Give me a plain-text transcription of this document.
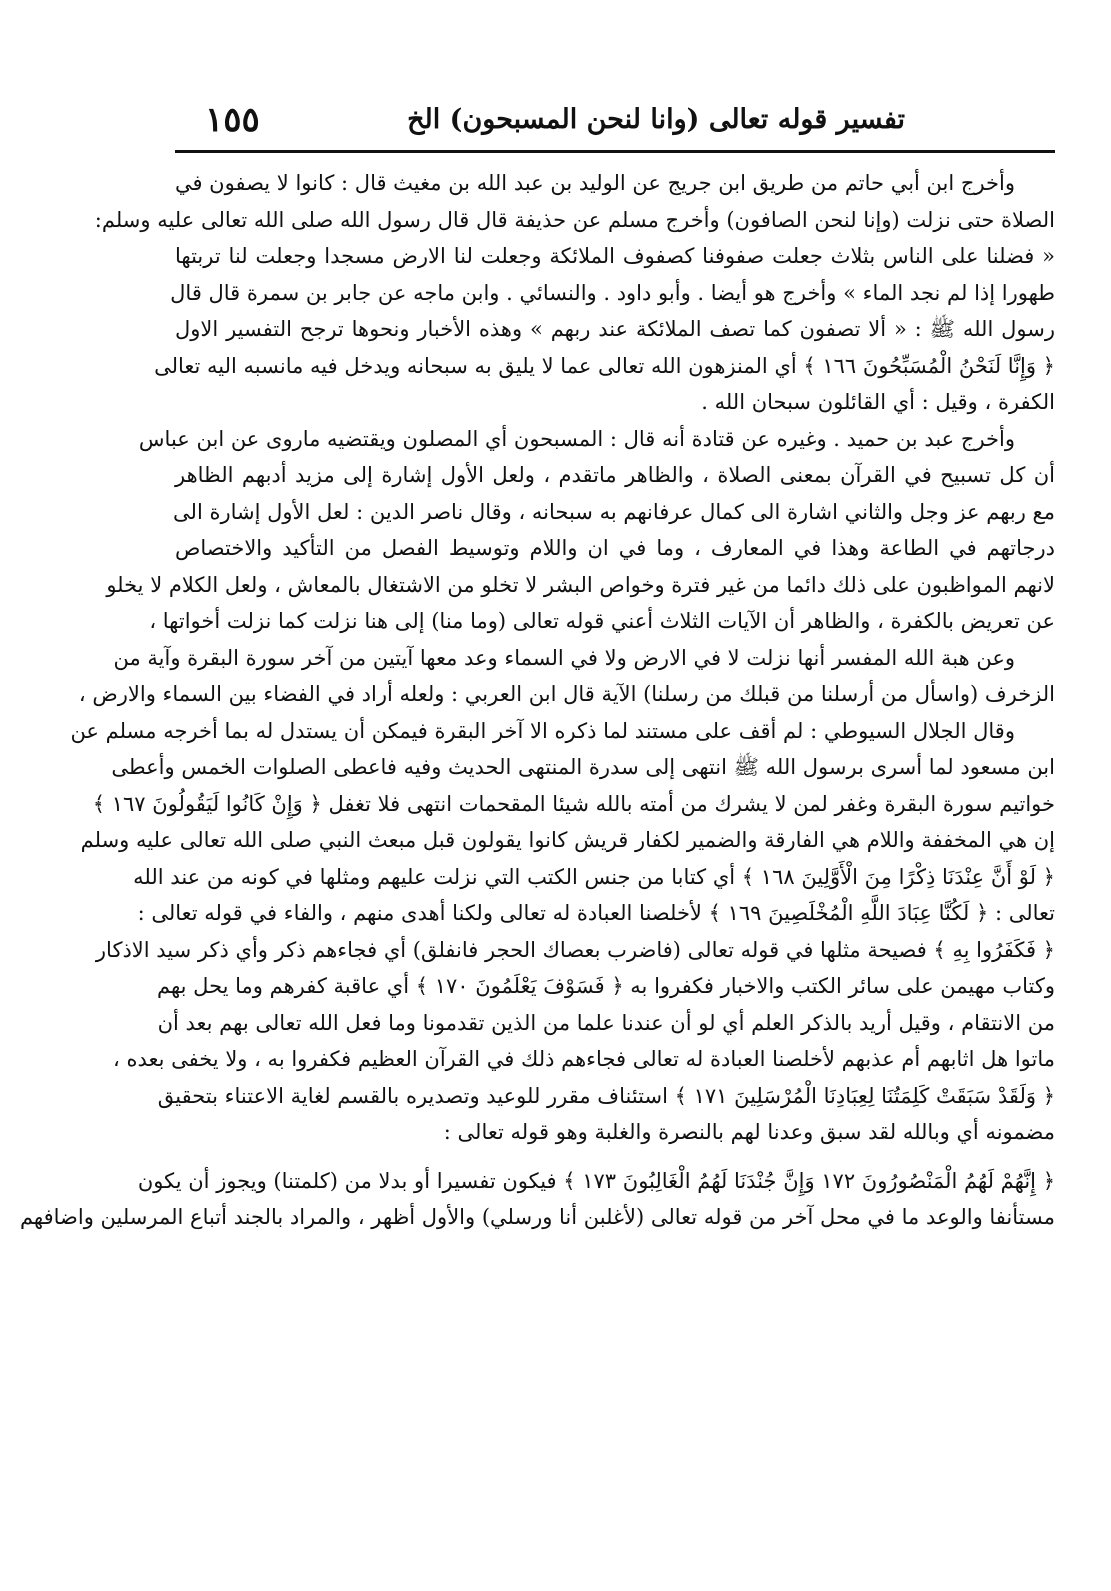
تفسير قوله تعالى (وانا لنحن المسبحون) الخ
١٥٥
وأخرج ابن أبي حاتم من طريق ابن جريج عن الوليد بن عبد الله بن مغيث قال : كانوا لا يصفون في
الصلاة حتى نزلت (وإنا لنحن الصافون) وأخرج مسلم عن حذيفة قال قال رسول الله صلى الله تعالى عليه وسلم:
« فضلنا على الناس بثلاث جعلت صفوفنا كصفوف الملائكة وجعلت لنا الارض مسجدا وجعلت لنا تربتها
طهورا إذا لم نجد الماء » وأخرج هو أيضا . وأبو داود . والنسائي . وابن ماجه عن جابر بن سمرة قال قال
رسول الله ﷺ : « ألا تصفون كما تصف الملائكة عند ربهم » وهذه الأخبار ونحوها ترجح التفسير الاول
﴿ وَإِنَّا لَنَحْنُ الْمُسَبِّحُونَ ١٦٦ ﴾ أي المنزهون الله تعالى عما لا يليق به سبحانه ويدخل فيه مانسبه اليه تعالى
الكفرة ، وقيل : أي القائلون سبحان الله .
وأخرج عبد بن حميد . وغيره عن قتادة أنه قال : المسبحون أي المصلون ويقتضيه ماروى عن ابن عباس
أن كل تسبيح في القرآن بمعنى الصلاة ، والظاهر ماتقدم ، ولعل الأول إشارة إلى مزيد أدبهم الظاهر
مع ربهم عز وجل والثاني اشارة الى كمال عرفانهم به سبحانه ، وقال ناصر الدين : لعل الأول إشارة الى
درجاتهم في الطاعة وهذا في المعارف ، وما في ان واللام وتوسيط الفصل من التأكيد والاختصاص
لانهم المواظبون على ذلك دائما من غير فترة وخواص البشر لا تخلو من الاشتغال بالمعاش ، ولعل الكلام لا يخلو
عن تعريض بالكفرة ، والظاهر أن الآيات الثلاث أعني قوله تعالى (وما منا) إلى هنا نزلت كما نزلت أخواتها ،
وعن هبة الله المفسر أنها نزلت لا في الارض ولا في السماء وعد معها آيتين من آخر سورة البقرة وآية من
الزخرف (واسأل من أرسلنا من قبلك من رسلنا) الآية قال ابن العربي : ولعله أراد في الفضاء بين السماء والارض ،
وقال الجلال السيوطي : لم أقف على مستند لما ذكره الا آخر البقرة فيمكن أن يستدل له بما أخرجه مسلم عن
ابن مسعود لما أسرى برسول الله ﷺ انتهى إلى سدرة المنتهى الحديث وفيه فاعطى الصلوات الخمس وأعطى
خواتيم سورة البقرة وغفر لمن لا يشرك من أمته بالله شيئا المقحمات انتهى فلا تغفل ﴿ وَإِنْ كَانُوا لَيَقُولُونَ ١٦٧ ﴾
إن هي المخففة واللام هي الفارقة والضمير لكفار قريش كانوا يقولون قبل مبعث النبي صلى الله تعالى عليه وسلم
﴿ لَوْ أَنَّ عِنْدَنَا ذِكْرًا مِنَ الْأَوَّلِينَ ١٦٨ ﴾ أي كتابا من جنس الكتب التي نزلت عليهم ومثلها في كونه من عند الله
تعالى : ﴿ لَكُنَّا عِبَادَ اللَّهِ الْمُخْلَصِينَ ١٦٩ ﴾ لأخلصنا العبادة له تعالى ولكنا أهدى منهم ، والفاء في قوله تعالى :
﴿ فَكَفَرُوا بِهِ ﴾ فصيحة مثلها في قوله تعالى (فاضرب بعصاك الحجر فانفلق) أي فجاءهم ذكر وأي ذكر سيد الاذكار
وكتاب مهيمن على سائر الكتب والاخبار فكفروا به ﴿ فَسَوْفَ يَعْلَمُونَ ١٧٠ ﴾ أي عاقبة كفرهم وما يحل بهم
من الانتقام ، وقيل أريد بالذكر العلم أي لو أن عندنا علما من الذين تقدمونا وما فعل الله تعالى بهم بعد أن
ماتوا هل اثابهم أم عذبهم لأخلصنا العبادة له تعالى فجاءهم ذلك في القرآن العظيم فكفروا به ، ولا يخفى بعده ،
﴿ وَلَقَدْ سَبَقَتْ كَلِمَتُنَا لِعِبَادِنَا الْمُرْسَلِينَ ١٧١ ﴾ استئناف مقرر للوعيد وتصديره بالقسم لغاية الاعتناء بتحقيق
مضمونه أي وبالله لقد سبق وعدنا لهم بالنصرة والغلبة وهو قوله تعالى :
﴿ إِنَّهُمْ لَهُمُ الْمَنْصُورُونَ ١٧٢ وَإِنَّ جُنْدَنَا لَهُمُ الْغَالِبُونَ ١٧٣ ﴾ فيكون تفسيرا أو بدلا من (كلمتنا) ويجوز أن يكون
مستأنفا والوعد ما في محل آخر من قوله تعالى (لأغلبن أنا ورسلي) والأول أظهر ، والمراد بالجند أتباع المرسلين واضافهم
